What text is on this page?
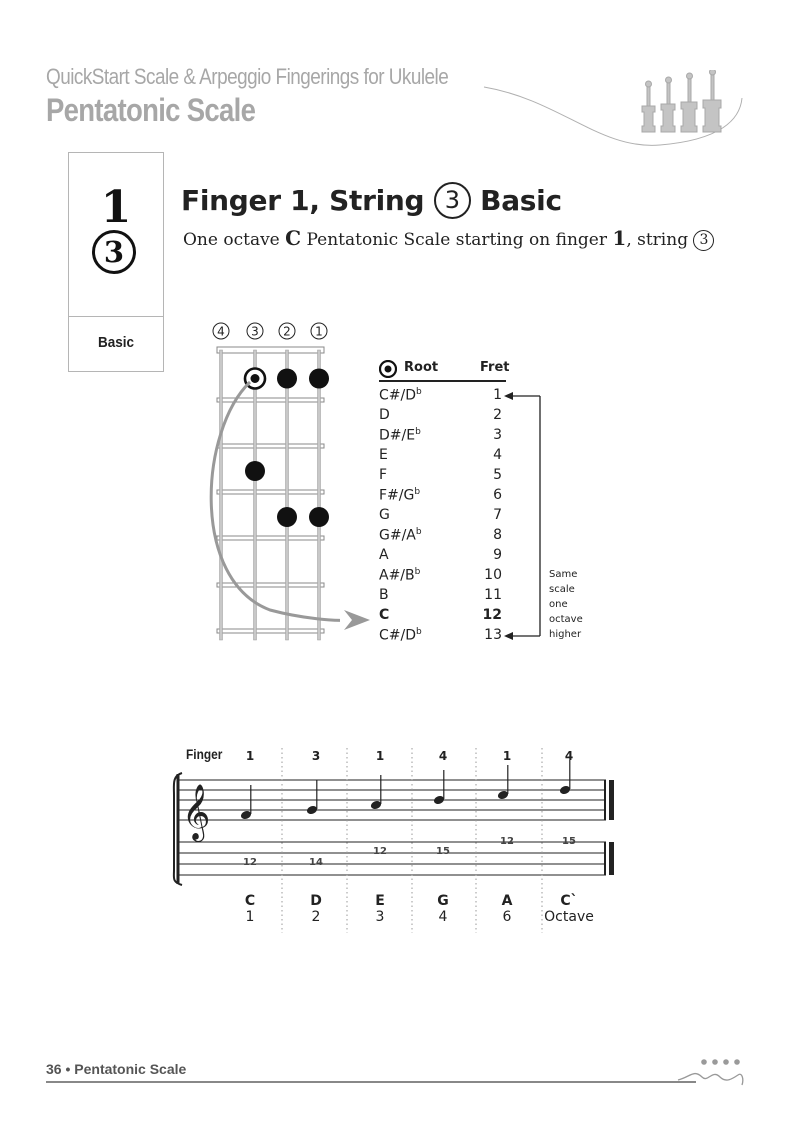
QuickStart Scale & Arpeggio Fingerings for Ukulele
Pentatonic Scale
1
3
Basic
Finger 1, String 3 Basic
One octave C Pentatonic Scale starting on finger 1, string 3
4 3 2 1
Root	Fret
$C\#/D^b$	1
D	2
$D\#/E^b$	3
E	4
F	5
$F\#/G^b$	6
G	7
$G\#/A^b$	8
A	9
$A\#/B^b$	10
B	11
C	12
$C\#/D^b$	13
Same
scale
one
octave
higher
Finger	1	3	1	4	1	4
𝄞
12	14
12	15
12	15
C	D	E	G	A	C`
1	2	3	4	6	Octave
36 • Pentatonic Scale
